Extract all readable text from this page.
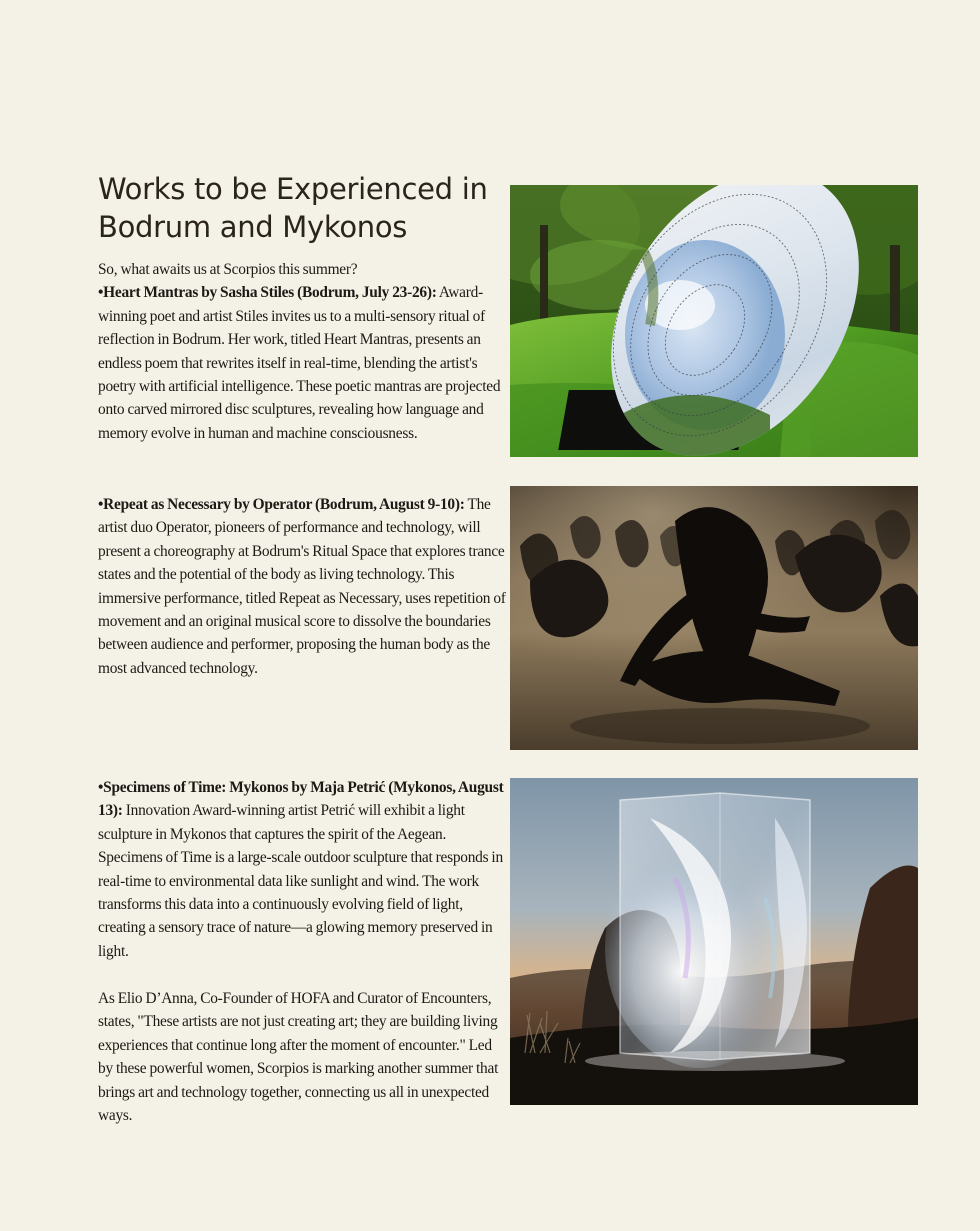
Works to be Experienced in Bodrum and Mykonos

So, what awaits us at Scorpios this summer?

•Heart Mantras by Sasha Stiles (Bodrum, July 23-26): Award-winning poet and artist Stiles invites us to a multi-sensory ritual of reflection in Bodrum. Her work, titled Heart Mantras, presents an endless poem that rewrites itself in real-time, blending the artist's poetry with artificial intelligence. These poetic mantras are projected onto carved mirrored disc sculptures, revealing how language and memory evolve in human and machine consciousness.

•Repeat as Necessary by Operator (Bodrum, August 9-10): The artist duo Operator, pioneers of performance and technology, will present a choreography at Bodrum's Ritual Space that explores trance states and the potential of the body as living technology. This immersive performance, titled Repeat as Necessary, uses repetition of movement and an original musical score to dissolve the boundaries between audience and performer, proposing the human body as the most advanced technology.

•Specimens of Time: Mykonos by Maja Petrić (Mykonos, August 13): Innovation Award-winning artist Petrić will exhibit a light sculpture in Mykonos that captures the spirit of the Aegean. Specimens of Time is a large-scale outdoor sculpture that responds in real-time to environmental data like sunlight and wind. The work transforms this data into a continuously evolving field of light, creating a sensory trace of nature—a glowing memory preserved in light.

As Elio D’Anna, Co-Founder of HOFA and Curator of Encounters, states, "These artists are not just creating art; they are building living experiences that continue long after the moment of encounter." Led by these powerful women, Scorpios is marking another summer that brings art and technology together, connecting us all in unexpected ways.
